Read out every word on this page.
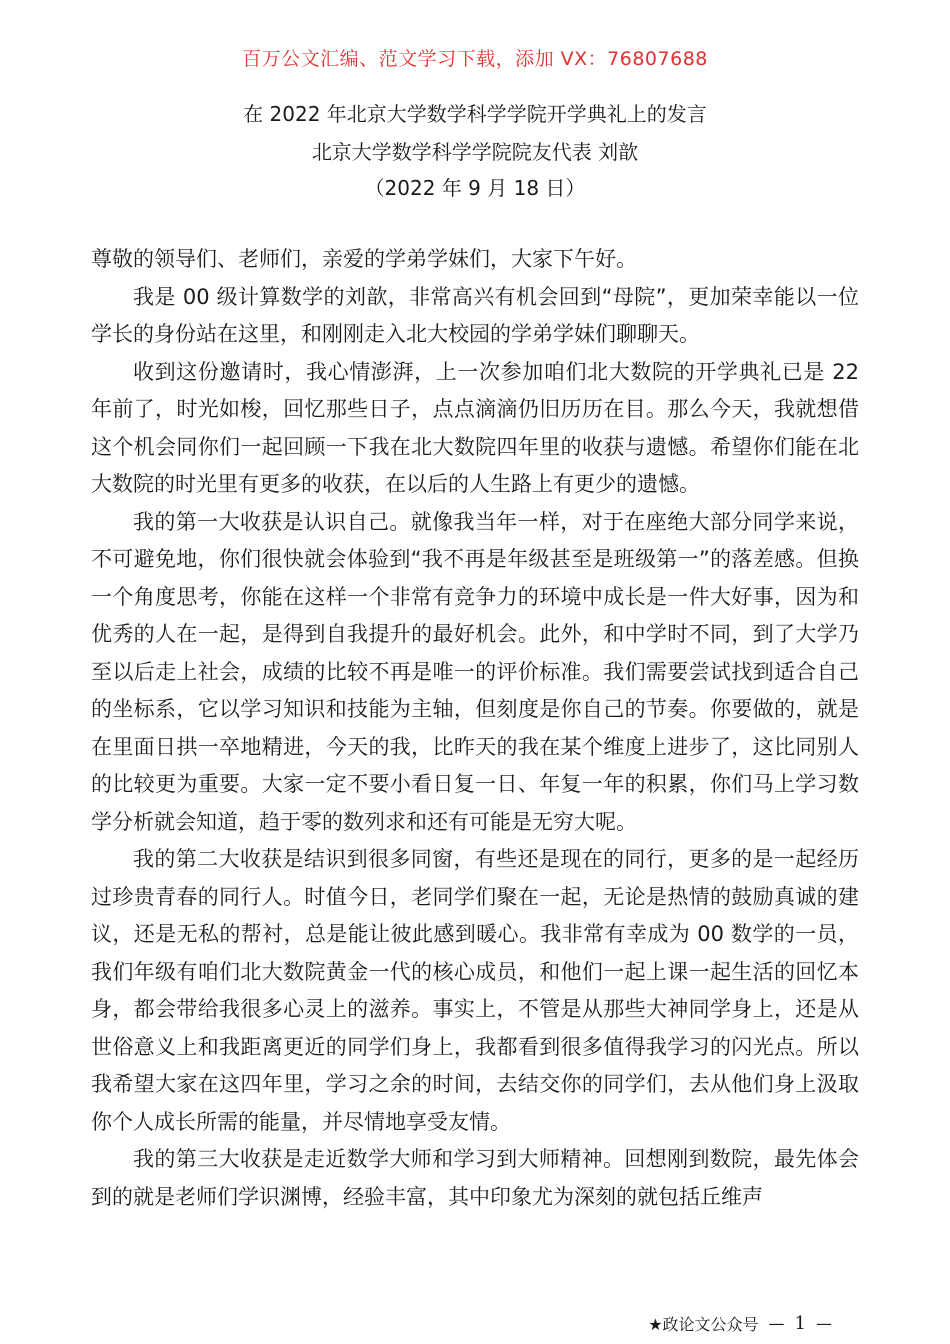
百万公文汇编、范文学习下载，添加 VX：76807688
在 2022 年北京大学数学科学学院开学典礼上的发言
北京大学数学科学学院院友代表 刘歆
（2022 年 9 月 18 日）

尊敬的领导们、老师们，亲爱的学弟学妹们，大家下午好。

我是 00 级计算数学的刘歆，非常高兴有机会回到“母院”，更加荣幸能以一位学长的身份站在这里，和刚刚走入北大校园的学弟学妹们聊聊天。

收到这份邀请时，我心情澎湃，上一次参加咱们北大数院的开学典礼已是 22 年前了，时光如梭，回忆那些日子，点点滴滴仍旧历历在目。那么今天，我就想借这个机会同你们一起回顾一下我在北大数院四年里的收获与遗憾。希望你们能在北大数院的时光里有更多的收获，在以后的人生路上有更少的遗憾。

我的第一大收获是认识自己。就像我当年一样，对于在座绝大部分同学来说，不可避免地，你们很快就会体验到“我不再是年级甚至是班级第一”的落差感。但换一个角度思考，你能在这样一个非常有竞争力的环境中成长是一件大好事，因为和优秀的人在一起，是得到自我提升的最好机会。此外，和中学时不同，到了大学乃至以后走上社会，成绩的比较不再是唯一的评价标准。我们需要尝试找到适合自己的坐标系，它以学习知识和技能为主轴，但刻度是你自己的节奏。你要做的，就是在里面日拱一卒地精进，今天的我，比昨天的我在某个维度上进步了，这比同别人的比较更为重要。大家一定不要小看日复一日、年复一年的积累，你们马上学习数学分析就会知道，趋于零的数列求和还有可能是无穷大呢。

我的第二大收获是结识到很多同窗，有些还是现在的同行，更多的是一起经历过珍贵青春的同行人。时值今日，老同学们聚在一起，无论是热情的鼓励真诚的建议，还是无私的帮衬，总是能让彼此感到暖心。我非常有幸成为 00 数学的一员，我们年级有咱们北大数院黄金一代的核心成员，和他们一起上课一起生活的回忆本身，都会带给我很多心灵上的滋养。事实上，不管是从那些大神同学身上，还是从世俗意义上和我距离更近的同学们身上，我都看到很多值得我学习的闪光点。所以我希望大家在这四年里，学习之余的时间，去结交你的同学们，去从他们身上汲取你个人成长所需的能量，并尽情地享受友情。

我的第三大收获是走近数学大师和学习到大师精神。回想刚到数院，最先体会到的就是老师们学识渊博，经验丰富，其中印象尤为深刻的就包括丘维声

★政论文公众号 — 1 —
